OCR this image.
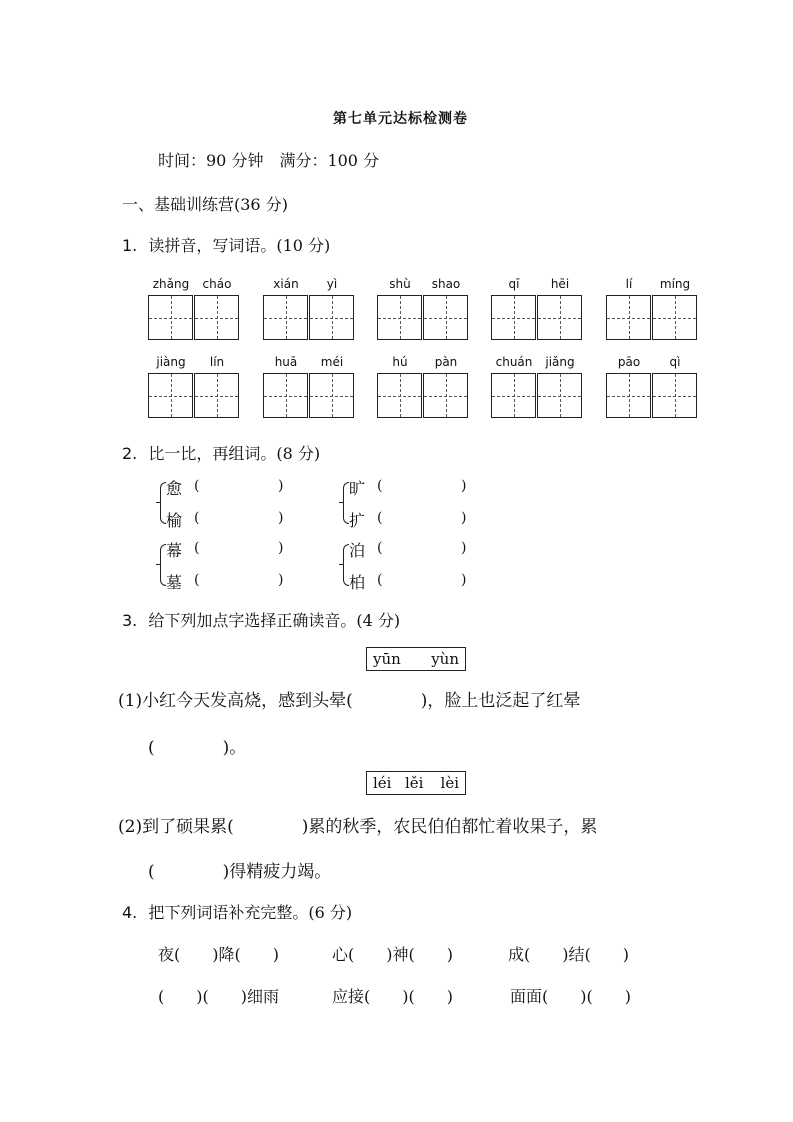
第七单元达标检测卷
时间：90 分钟　满分：100 分
一、基础训练营(36 分)
1. 读拼音，写词语。(10 分)
zhǎng	cháo	xián	yì	shù	shao	qī	hēi	lí	míng
jiàng	lín	huā	méi	hú	pàn	chuán	jiǎng	pāo	qì
2. 比一比，再组词。(8 分)
愈 (	)
榆 (	)
旷 (	)
扩 (	)
幕 (	)
墓 (	)
泊 (	)
柏 (	)
3. 给下列加点字选择正确读音。(4 分)
yūn yùn
(1)小红今天发高烧，感到头晕(　　　　)，脸上也泛起了红晕
(　　　　)。
léi lěi lèi
(2)到了硕果累(　　　　)累的秋季，农民伯伯都忙着收果子，累
(　　　　)得精疲力竭。
4. 把下列词语补充完整。(6 分)
夜(　　)降(　　)	心(　　)神(　　)	成(　　)结(　　)
(　　)(　　)细雨	应接(　　)(　　)	面面(　　)(　　)
